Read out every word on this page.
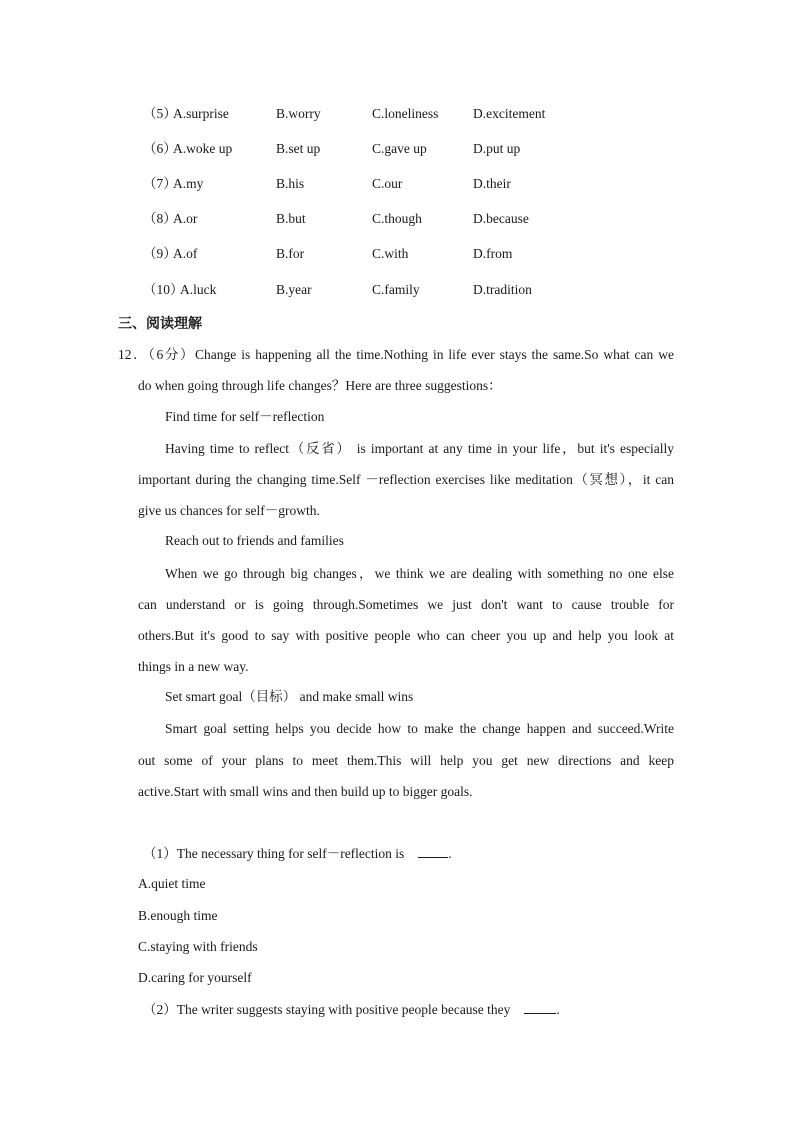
（5）
A.surprise	B.worry	C.loneliness	D.excitement
（6）
A.woke up	B.set up	C.gave up	D.put up
（7）
A.my	B.his	C.our	D.their
（8）
A.or	B.but	C.though	D.because
（9）
A.of	B.for	C.with	D.from
（10）
A.luck	B.year	C.family	D.tradition
三、阅读理解
12．（6分）Change is happening all the time.Nothing in life ever stays the same.So what can we
do when going through life changes？Here are three suggestions：
Find time for self－reflection
Having time to reflect（反省） is important at any time in your life，but it's especially
important during the changing time.Self －reflection exercises like meditation（冥想），it can
give us chances for self－growth.
Reach out to friends and families
When we go through big changes，we think we are dealing with something no one else
can understand or is going through.Sometimes we just don't want to cause trouble for
others.But it's good to say with positive people who can cheer you up and help you look at
things in a new way.
Set smart goal（目标） and make small wins
Smart goal setting helps you decide how to make the change happen and succeed.Write
out some of your plans to meet them.This will help you get new directions and keep
active.Start with small wins and then build up to bigger goals.
（1）The necessary thing for self－reflection is	.
A.quiet time
B.enough time
C.staying with friends
D.caring for yourself
（2）The writer suggests staying with positive people because they	.
